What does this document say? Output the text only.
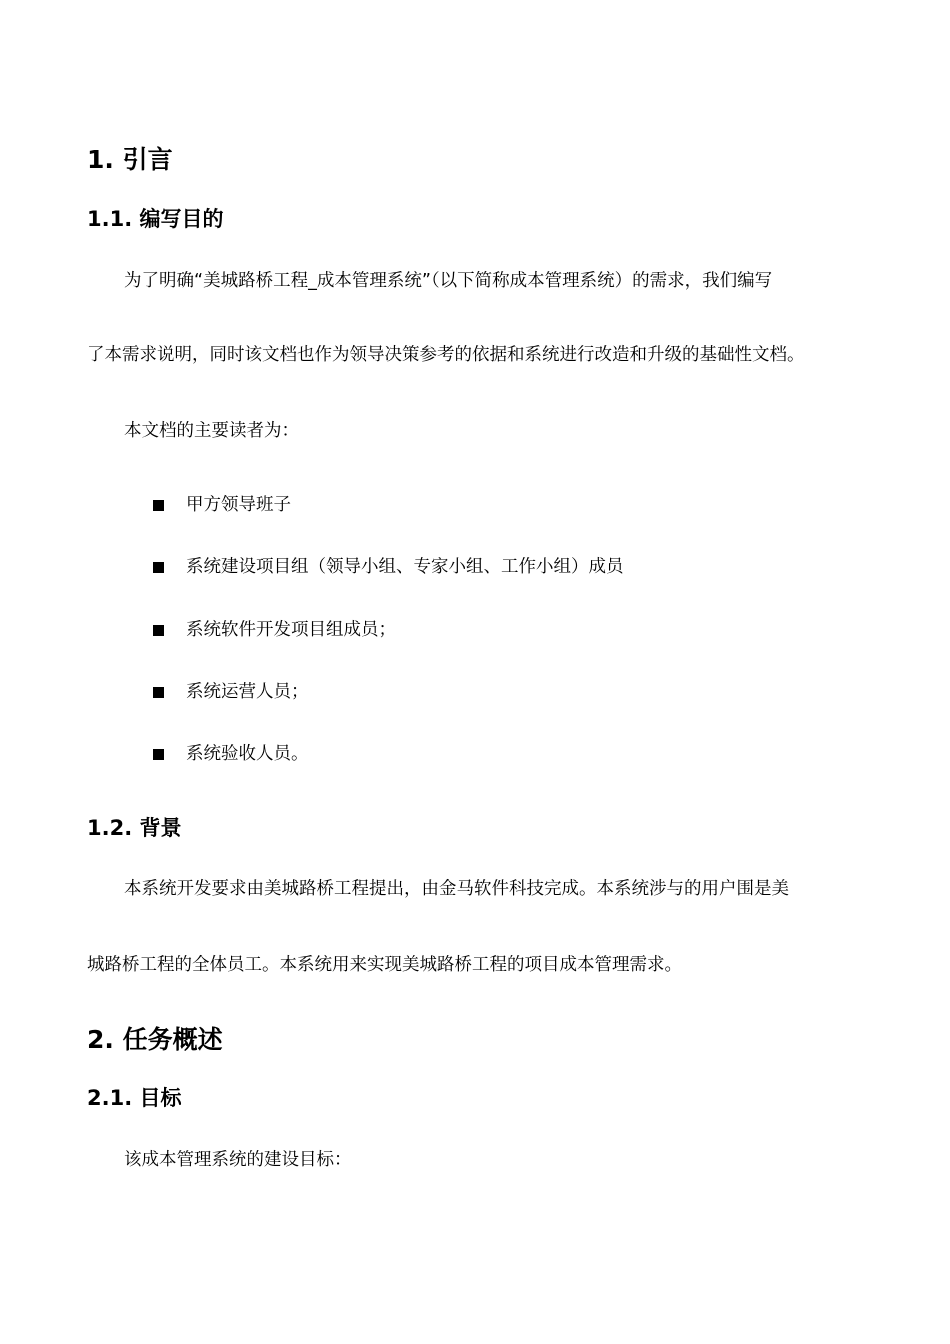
1. 引言
1.1. 编写目的
为了明确“美城路桥工程_成本管理系统”（以下简称成本管理系统）的需求，我们编写
了本需求说明，同时该文档也作为领导决策参考的依据和系统进行改造和升级的基础性文档。
本文档的主要读者为：
甲方领导班子
系统建设项目组（领导小组、专家小组、工作小组）成员
系统软件开发项目组成员；
系统运营人员；
系统验收人员。
1.2. 背景
本系统开发要求由美城路桥工程提出，由金马软件科技完成。本系统涉与的用户围是美
城路桥工程的全体员工。本系统用来实现美城路桥工程的项目成本管理需求。
2. 任务概述
2.1. 目标
该成本管理系统的建设目标：
